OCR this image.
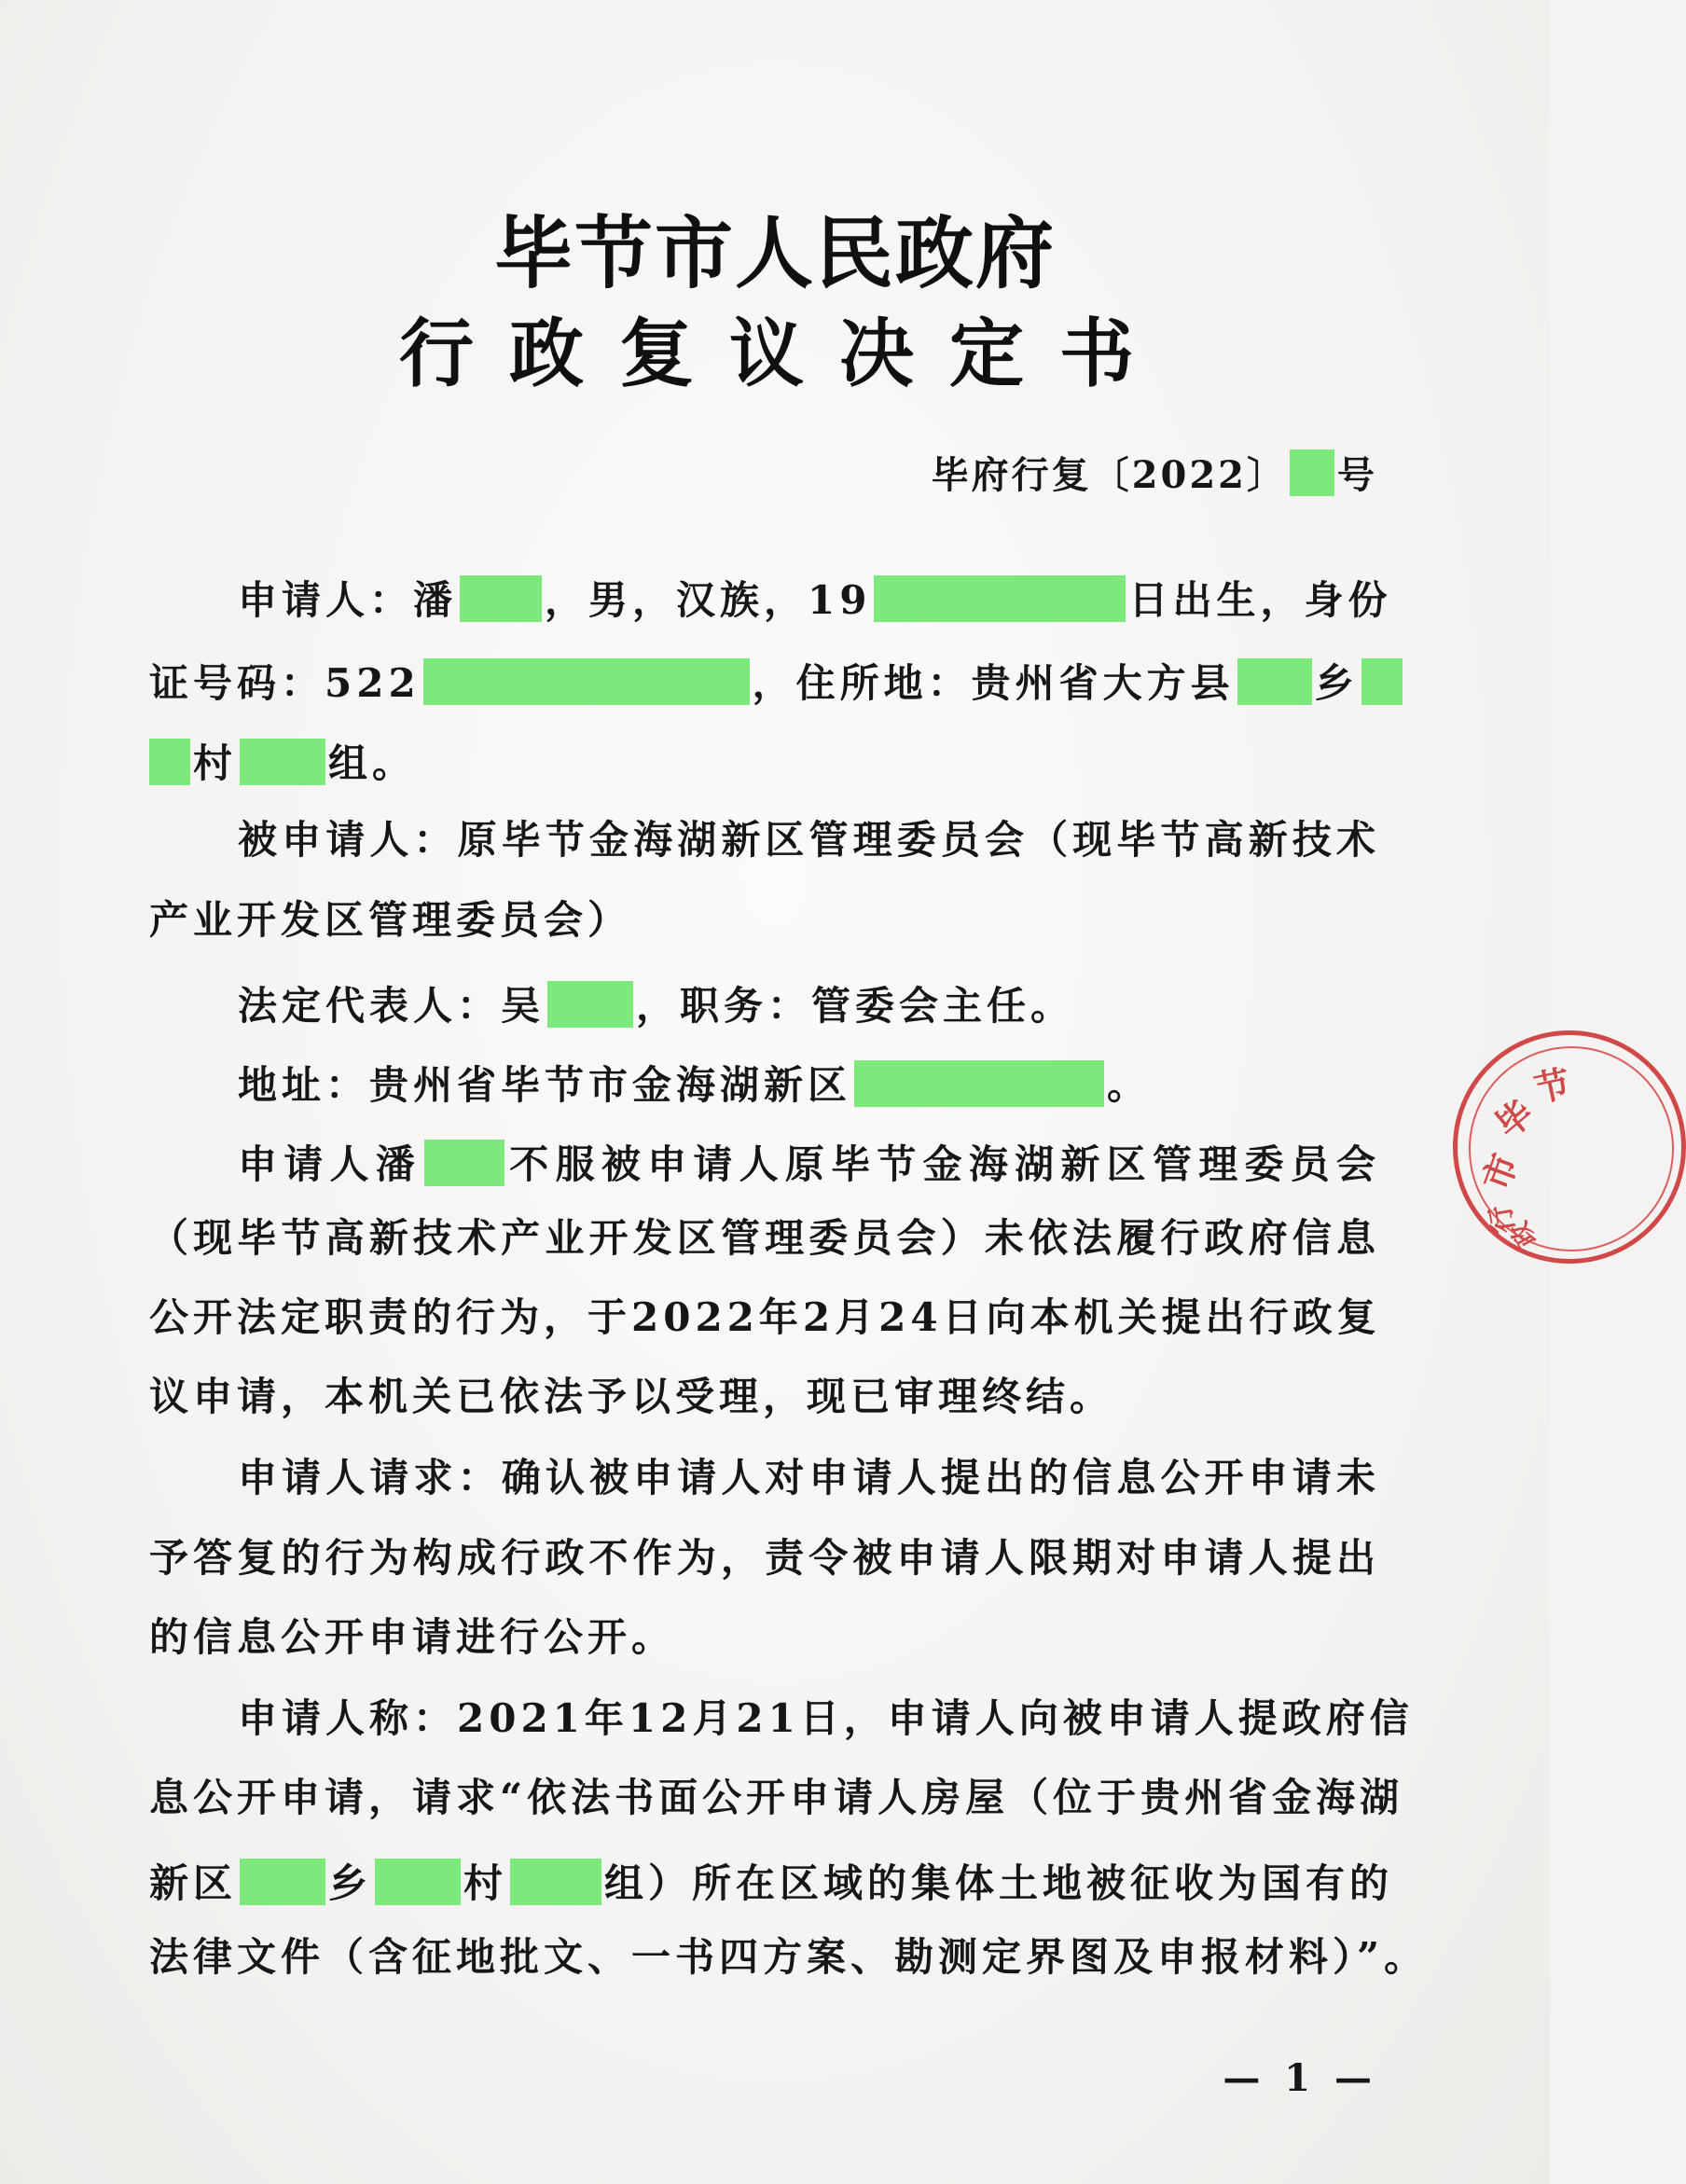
毕节市人民政府
行政复议决定书
毕府行复〔2022〕 号
申请人：潘 ，男，汉族，19	日出生，身份
证号码：522	，住所地：贵州省大方县 乡
村 组。
被申请人：原毕节金海湖新区管理委员会（现毕节高新技术
产业开发区管理委员会）
法定代表人：吴 ，职务：管委会主任。
地址：贵州省毕节市金海湖新区	。
申请人潘 不服被申请人原毕节金海湖新区管理委员会
（现毕节高新技术产业开发区管理委员会）未依法履行政府信息
公开法定职责的行为，于2022年2月24日向本机关提出行政复
议申请，本机关已依法予以受理，现已审理终结。
申请人请求：确认被申请人对申请人提出的信息公开申请未
予答复的行为构成行政不作为，责令被申请人限期对申请人提出
的信息公开申请进行公开。
申请人称：2021年12月21日，申请人向被申请人提政府信
息公开申请，请求“依法书面公开申请人房屋（位于贵州省金海湖
新区 乡 村 组）所在区域的集体土地被征收为国有的
法律文件（含征地批文、一书四方案、勘测定界图及申报材料）”。
毕
节
市
行
政
— 1 —
